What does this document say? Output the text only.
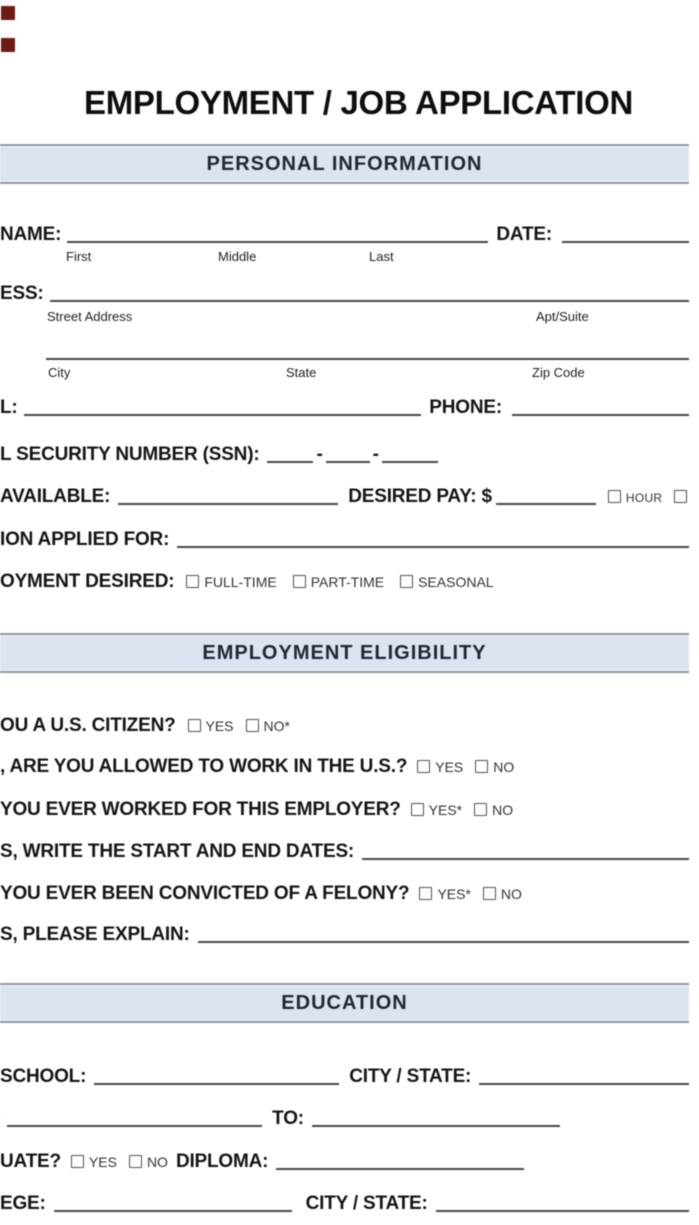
EMPLOYMENT / JOB APPLICATION
PERSONAL INFORMATION
NAME:	DATE:
First	Middle	Last
ESS:
Street Address	Apt/Suite
City	State	Zip Code
L:	PHONE:
L SECURITY NUMBER (SSN):	-	-
AVAILABLE:	DESIRED PAY: $	HOUR
ION APPLIED FOR:
OYMENT DESIRED: FULL-TIME PART-TIME SEASONAL
EMPLOYMENT ELIGIBILITY
OU A U.S. CITIZEN? YES NO*
, ARE YOU ALLOWED TO WORK IN THE U.S.? YES NO
YOU EVER WORKED FOR THIS EMPLOYER? YES* NO
S, WRITE THE START AND END DATES:
YOU EVER BEEN CONVICTED OF A FELONY? YES* NO
S, PLEASE EXPLAIN:
EDUCATION
SCHOOL:	CITY / STATE:
TO:
UATE? YES NO DIPLOMA:
EGE:	CITY / STATE:
